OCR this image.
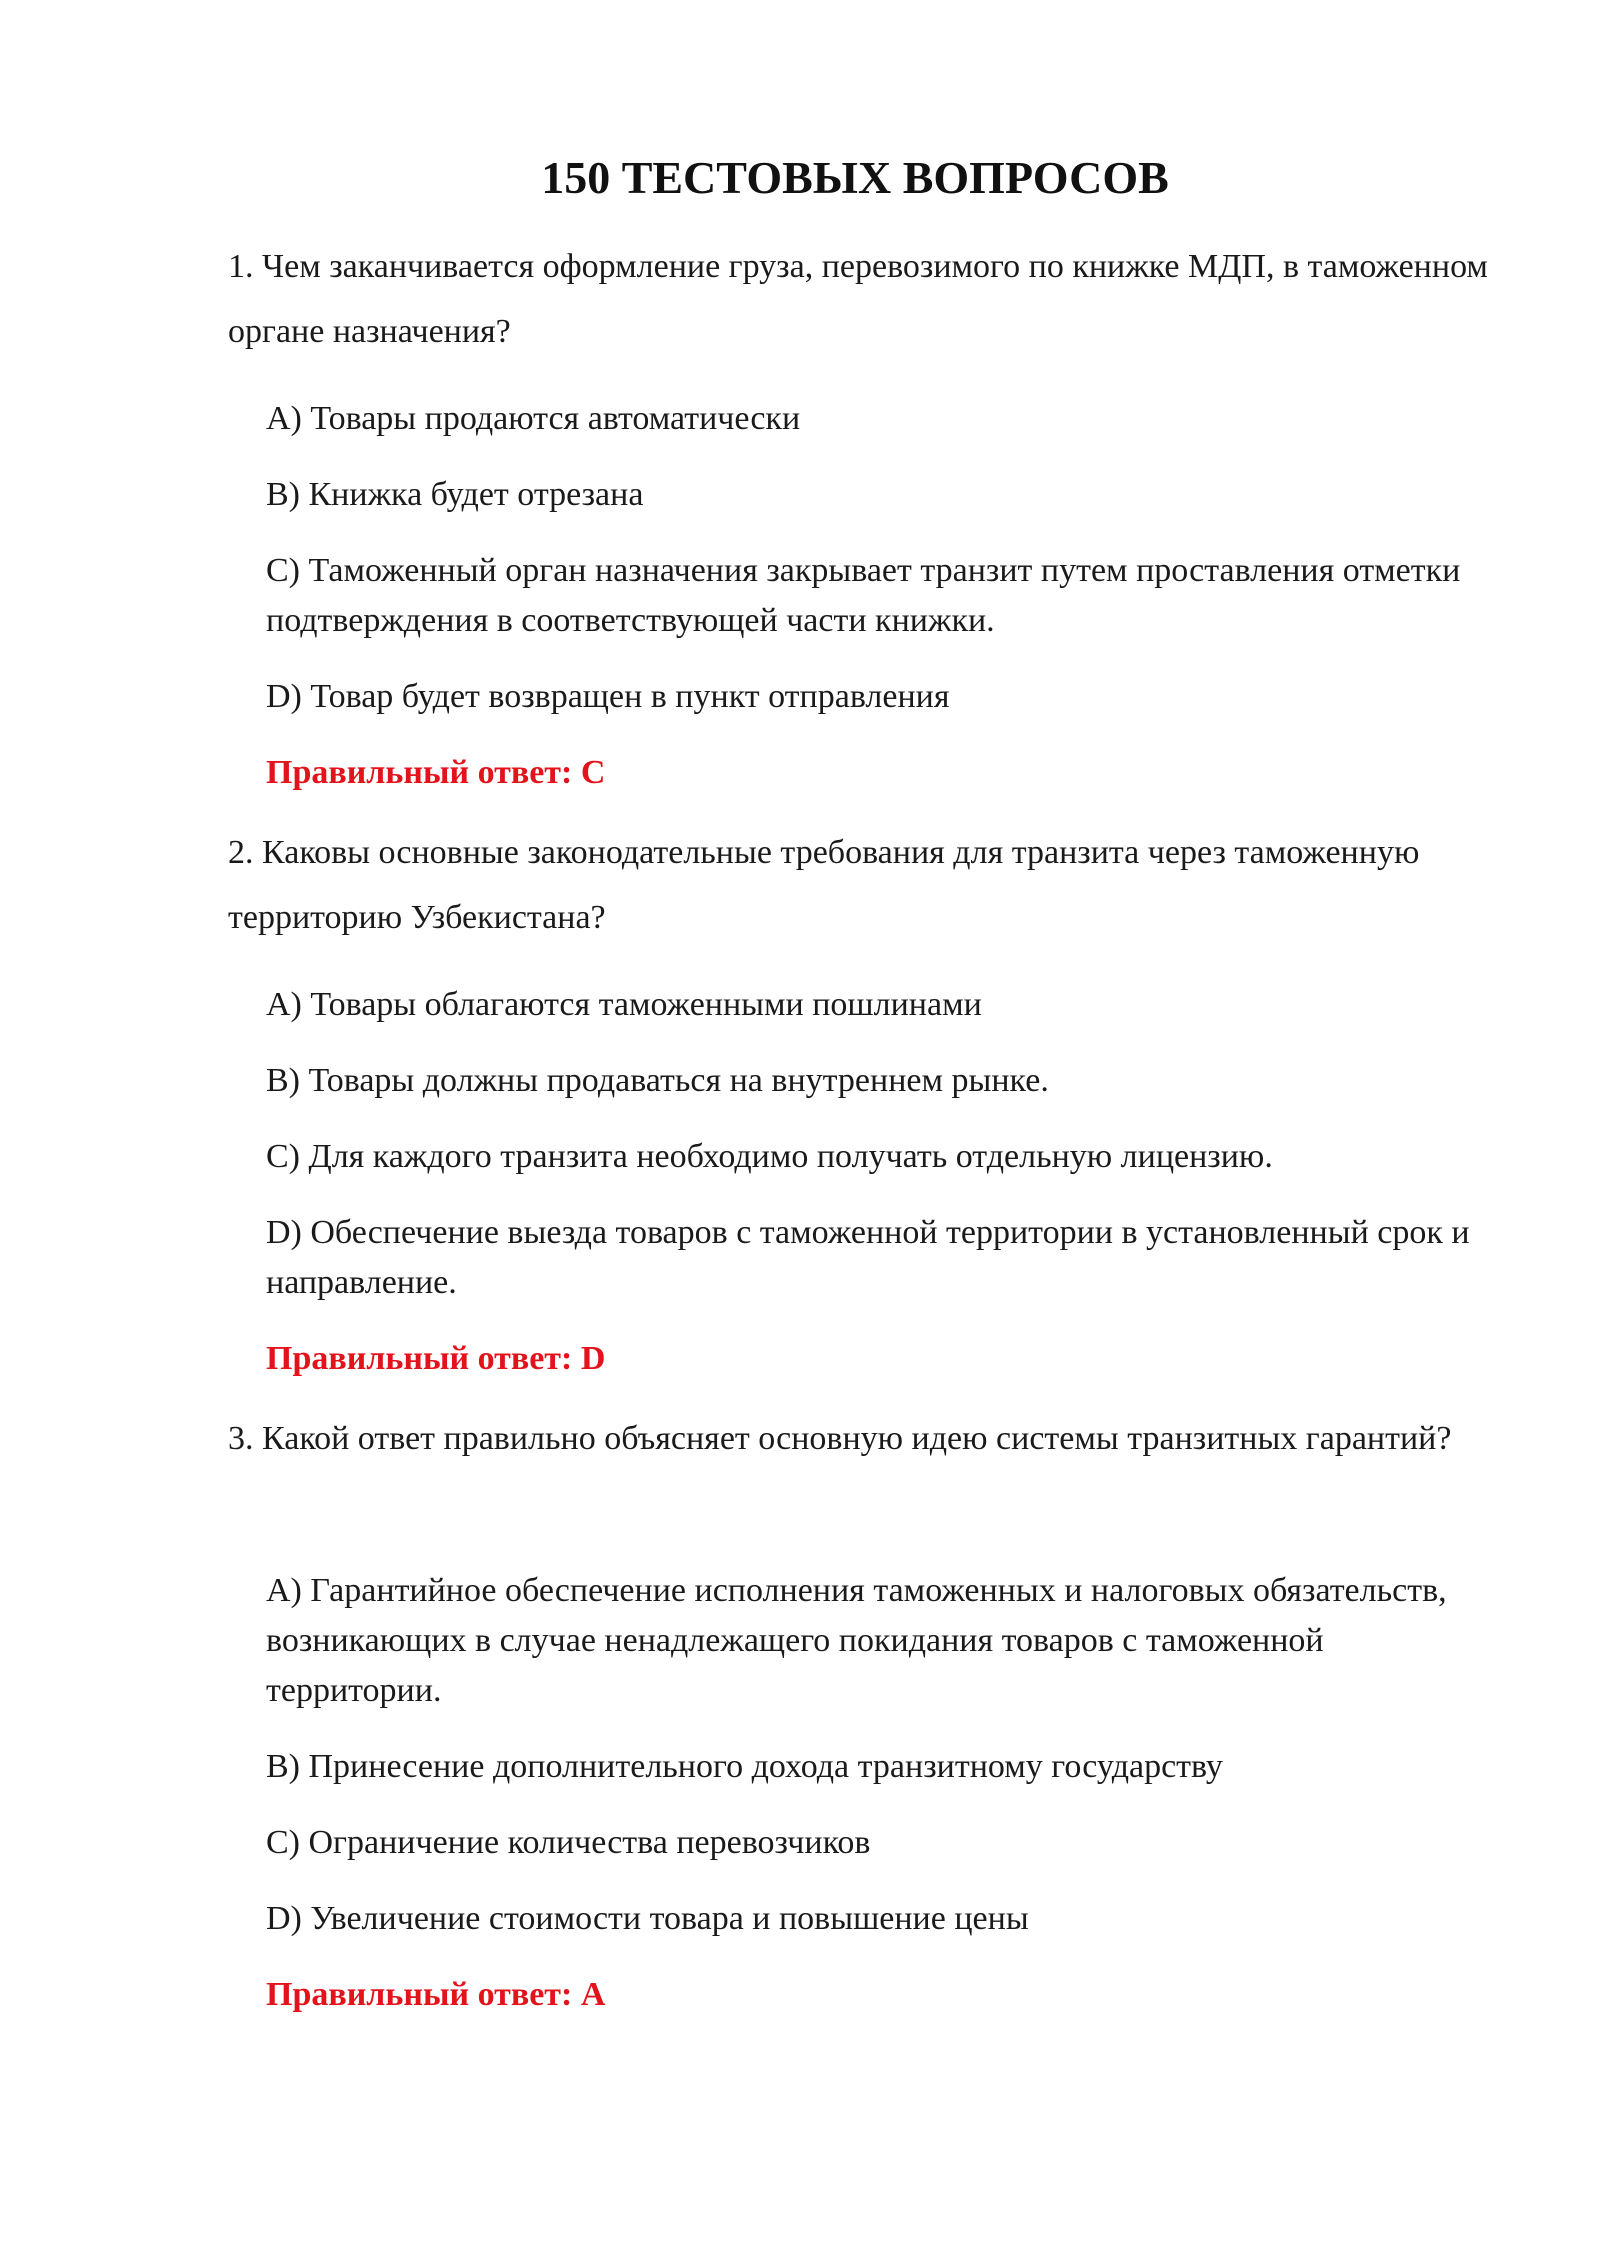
150 ТЕСТОВЫХ ВОПРОСОВ
1. Чем заканчивается оформление груза, перевозимого по книжке МДП, в таможенном органе назначения?
A) Товары продаются автоматически
B) Книжка будет отрезана
C) Таможенный орган назначения закрывает транзит путем проставления отметки подтверждения в соответствующей части книжки.
D) Товар будет возвращен в пункт отправления
Правильный ответ: C
2. Каковы основные законодательные требования для транзита через таможенную территорию Узбекистана?
A) Товары облагаются таможенными пошлинами
B) Товары должны продаваться на внутреннем рынке.
C) Для каждого транзита необходимо получать отдельную лицензию.
D) Обеспечение выезда товаров с таможенной территории в установленный срок и направление.
Правильный ответ: D
3. Какой ответ правильно объясняет основную идею системы транзитных гарантий?
A) Гарантийное обеспечение исполнения таможенных и налоговых обязательств, возникающих в случае ненадлежащего покидания товаров с таможенной территории.
B) Принесение дополнительного дохода транзитному государству
C) Ограничение количества перевозчиков
D) Увеличение стоимости товара и повышение цены
Правильный ответ: A
